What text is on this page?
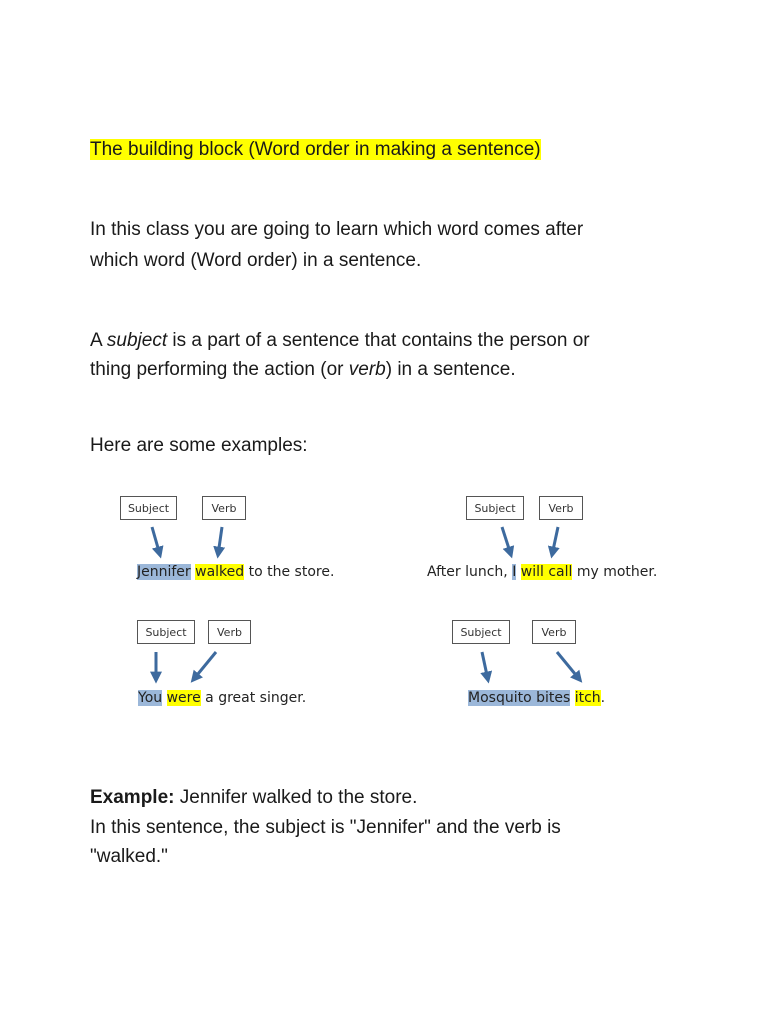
The building block (Word order in making a sentence)

In this class you are going to learn which word comes after

which word (Word order) in a sentence.

A subject is a part of a sentence that contains the person or

thing performing the action (or verb) in a sentence.

Here are some examples:

Subject	Verb

Jennifer walked to the store.

Subject	Verb

After lunch, I will call my mother.

Subject	Verb

You were a great singer.

Subject	Verb

Mosquito bites itch.

Example: Jennifer walked to the store.

In this sentence, the subject is "Jennifer" and the verb is

"walked."
